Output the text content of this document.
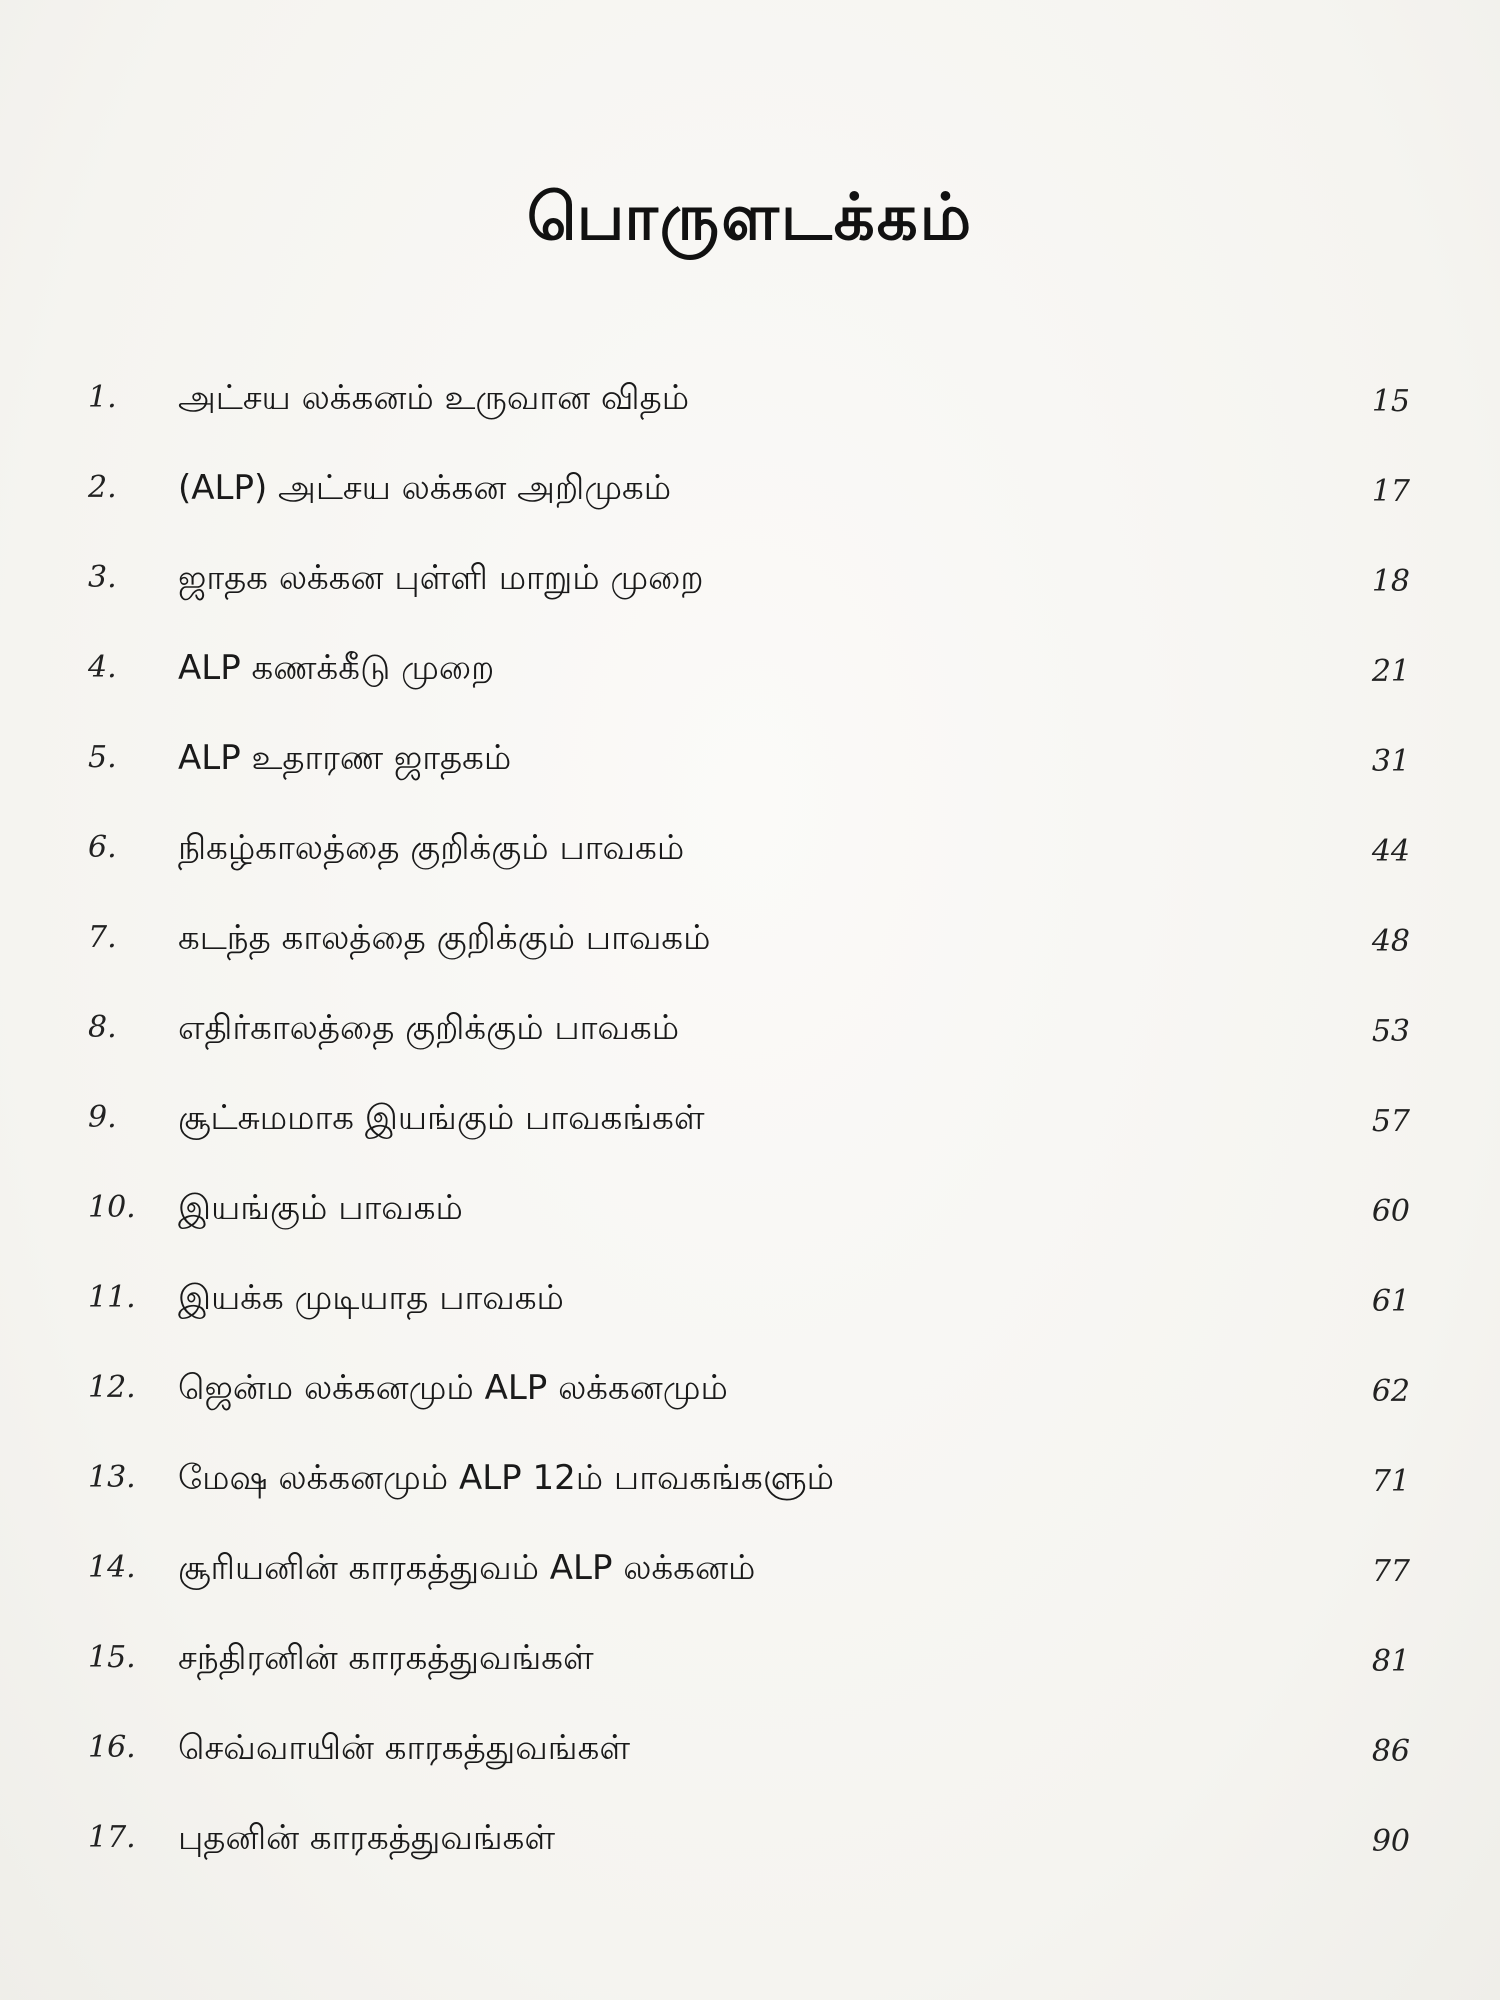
பொருளடக்கம்
1.	அட்சய லக்கனம் உருவான விதம்	15
2.	(ALP) அட்சய லக்கன அறிமுகம்	17
3.	ஜாதக லக்கன புள்ளி மாறும் முறை	18
4.	ALP கணக்கீடு முறை	21
5.	ALP உதாரண ஜாதகம்	31
6.	நிகழ்காலத்தை குறிக்கும் பாவகம்	44
7.	கடந்த காலத்தை குறிக்கும் பாவகம்	48
8.	எதிர்காலத்தை குறிக்கும் பாவகம்	53
9.	சூட்சுமமாக இயங்கும் பாவகங்கள்	57
10.	இயங்கும் பாவகம்	60
11.	இயக்க முடியாத பாவகம்	61
12.	ஜென்ம லக்கனமும் ALP லக்கனமும்	62
13.	மேஷ லக்கனமும் ALP 12ம் பாவகங்களும்	71
14.	சூரியனின் காரகத்துவம் ALP லக்கனம்	77
15.	சந்திரனின் காரகத்துவங்கள்	81
16.	செவ்வாயின் காரகத்துவங்கள்	86
17.	புதனின் காரகத்துவங்கள்	90
